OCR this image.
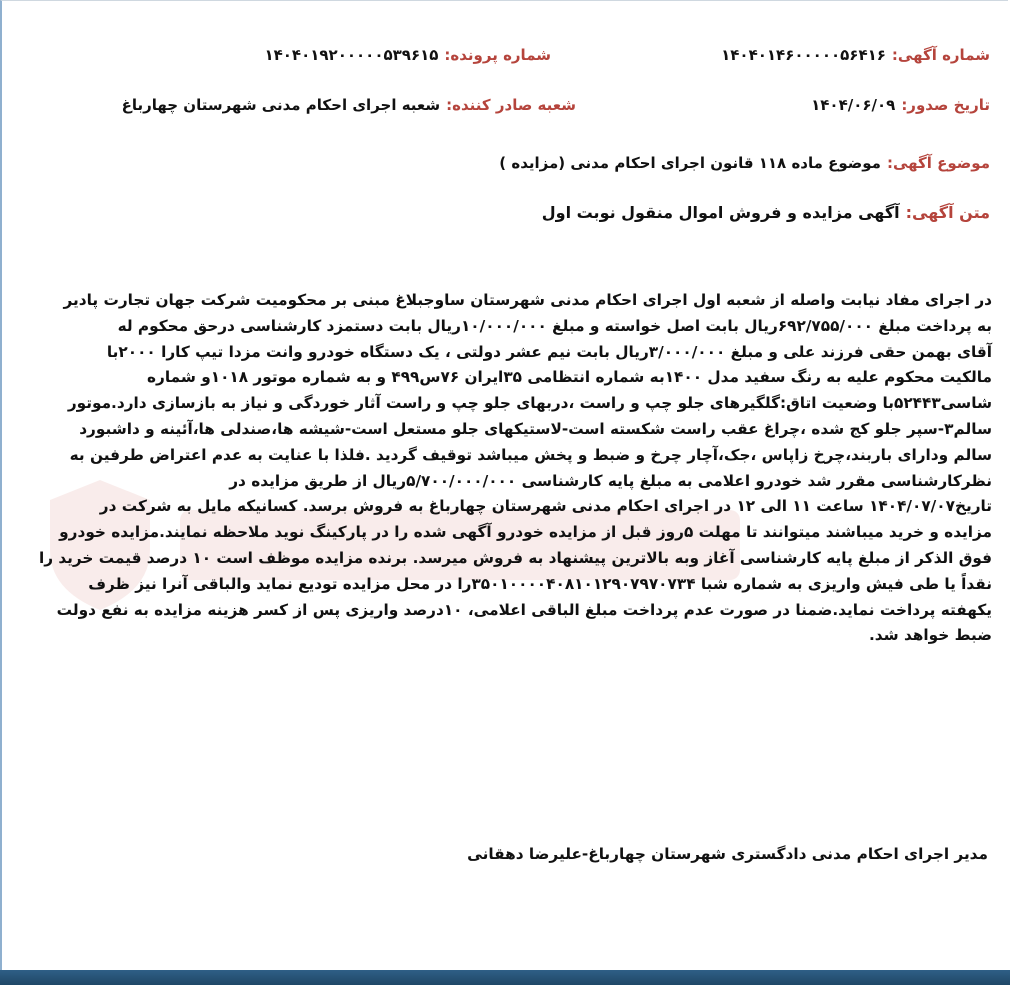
شماره آگهی:۱۴۰۴۰۱۴۶۰۰۰۰۰۵۶۴۱۶
شماره پرونده:۱۴۰۴۰۱۹۲۰۰۰۰۰۵۳۹۶۱۵
تاریخ صدور:۱۴۰۴/۰۶/۰۹
شعبه صادر کننده:شعبه اجرای احکام مدنی شهرستان چهارباغ
موضوع آگهی:موضوع ماده ۱۱۸ قانون اجرای احکام مدنی (مزایده )
متن آگهی:آگهی مزایده و فروش اموال منقول نوبت اول
در اجرای مفاد نیابت واصله از شعبه اول اجرای احکام مدنی شهرستان ساوجبلاغ مبنی بر محکومیت شرکت جهان تجارت پادیر
به پرداخت مبلغ ۶۹۲/۷۵۵/۰۰۰ریال بابت اصل خواسته و مبلغ ۱۰/۰۰۰/۰۰۰ریال بابت دستمزد کارشناسی درحق محکوم له
آقای بهمن حقی فرزند علی و مبلغ ۳/۰۰۰/۰۰۰ریال بابت نیم عشر دولتی ، یک دستگاه خودرو وانت مزدا تیپ کارا ۲۰۰۰با
مالکیت محکوم علیه به رنگ سفید مدل ۱۴۰۰به شماره انتظامی ۳۵ایران ۷۶س۴۹۹ و به شماره موتور ۱۰۱۸و شماره
شاسی۵۲۴۴۳با وضعیت اتاق:گلگیرهای جلو چپ و راست ،دربهای جلو چپ و راست آثار خوردگی و نیاز به بازسازی دارد.موتور
سالم۳-سپر جلو کج شده ،چراغ عقب راست شکسته است-لاستیکهای جلو مستعل است-شیشه ها،صندلی ها،آئینه و داشبورد
سالم ودارای باربند،چرخ زاپاس ،جک،آچار چرخ و ضبط و پخش میباشد توقیف گردید .فلذا با عنایت به عدم اعتراض طرفین به
نظرکارشناسی مقرر شد خودرو اعلامی به مبلغ پایه کارشناسی ۵/۷۰۰/۰۰۰/۰۰۰ریال از طریق مزایده در
تاریخ۱۴۰۴/۰۷/۰۷ ساعت ۱۱ الی ۱۲ در اجرای احکام مدنی شهرستان چهارباغ به فروش برسد. کسانیکه مایل به شرکت در
مزایده و خرید میباشند میتوانند تا مهلت ۵روز قبل از مزایده خودرو آگهی شده را در پارکینگ نوید ملاحظه نمایند.مزایده خودرو
فوق الذکر از مبلغ پایه کارشناسی آغاز وبه بالاترین پیشنهاد به فروش میرسد. برنده مزایده موظف است ۱۰ درصد قیمت خرید را
نقداً یا طی فیش واریزی به شماره شبا ۳۵۰۱۰۰۰۰۴۰۸۱۰۱۲۹۰۷۹۷۰۷۳۴را در محل مزایده تودیع نماید والباقی آنرا نیز ظرف
یکهفته پرداخت نماید.ضمنا در صورت عدم پرداخت مبلغ الباقی اعلامی، ۱۰درصد واریزی پس از کسر هزینه مزایده به نفع دولت
ضبط خواهد شد.
مدیر اجرای احکام مدنی دادگستری شهرستان چهارباغ-علیرضا دهقانی
